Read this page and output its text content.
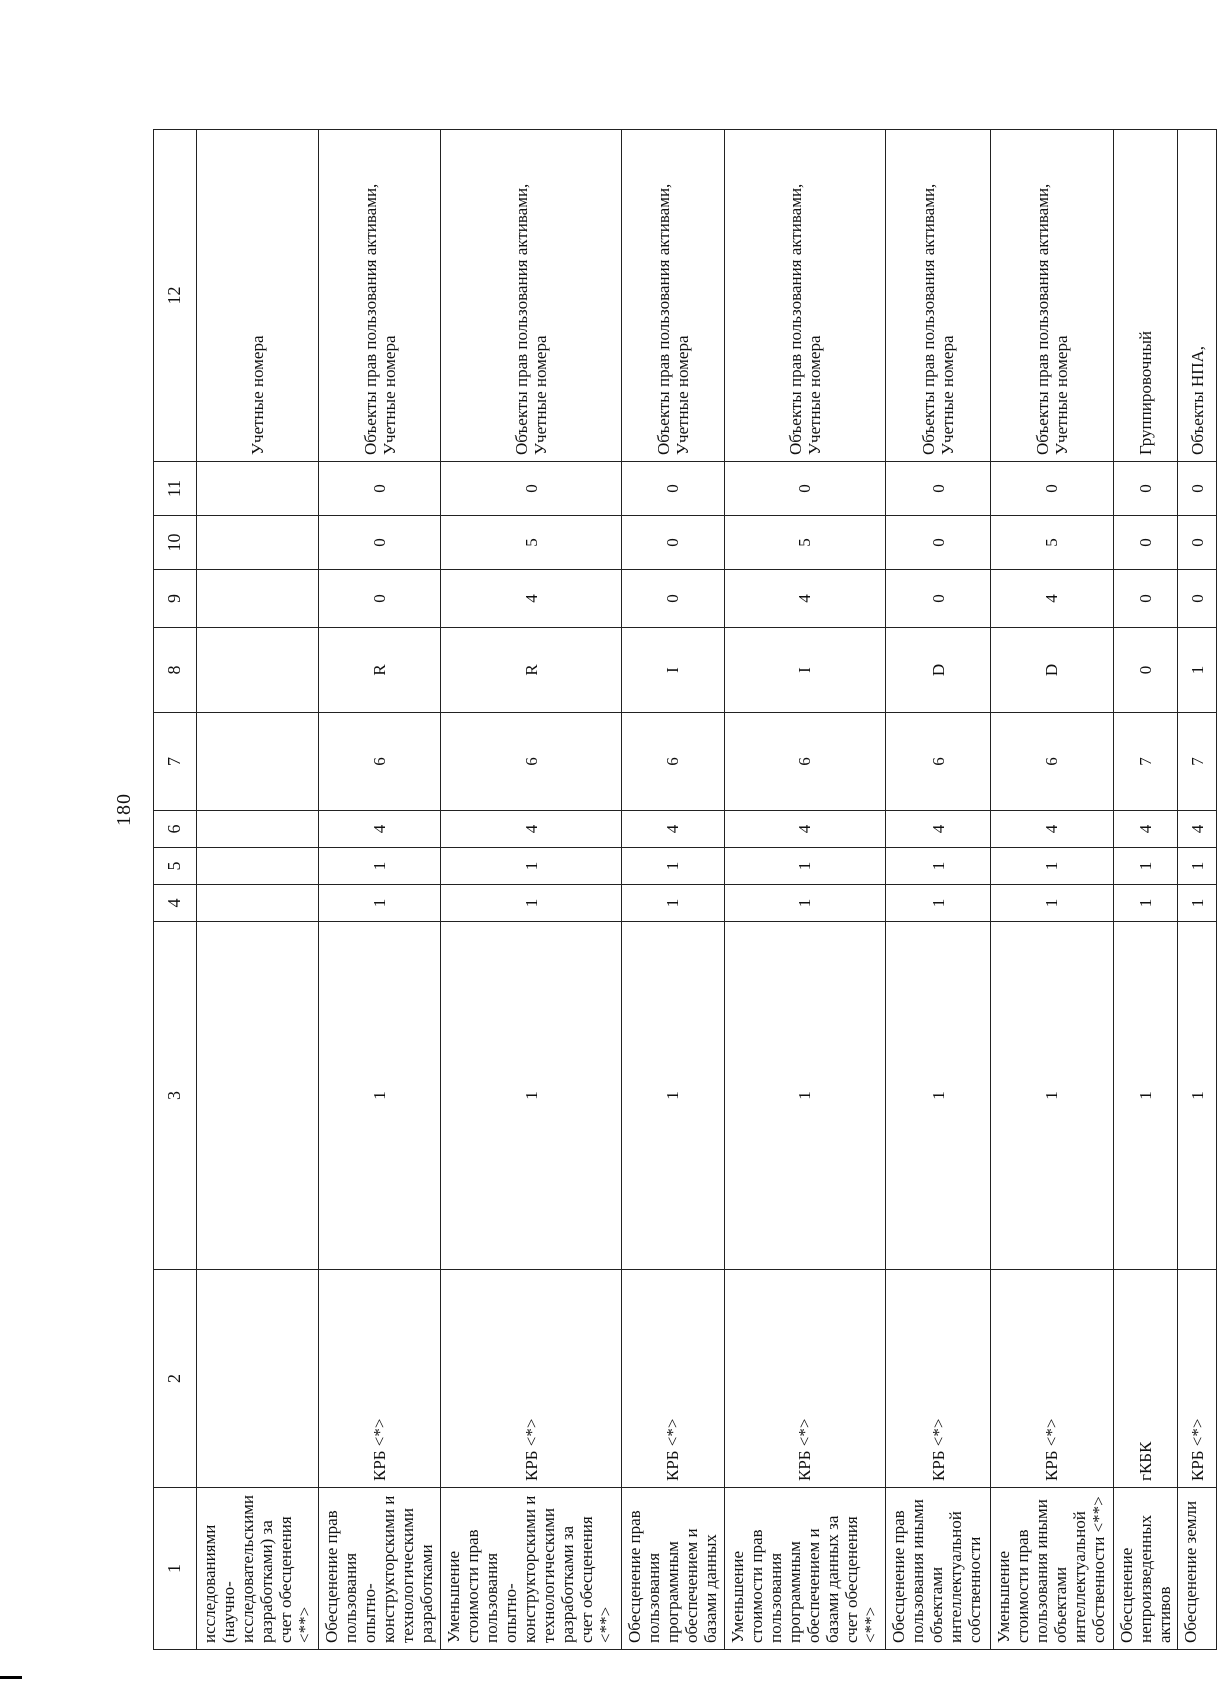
180
1	2	3	4	5	6	7	8	9	10	11	12
исследованиями (научно-исследовательскими разработками) за счет обесценения <**>											Учетные номера
Обесценение прав пользования опытно-конструкторскими и технологическими разработками	КРБ <*>	1	1	1	4	6	R	0	0	0	Объекты прав пользования активами, Учетные номера
Уменьшение стоимости прав пользования опытно-конструкторскими и технологическими разработками за счет обесценения <**>	КРБ <*>	1	1	1	4	6	R	4	5	0	Объекты прав пользования активами, Учетные номера
Обесценение прав пользования программным обеспечением и базами данных	КРБ <*>	1	1	1	4	6	I	0	0	0	Объекты прав пользования активами, Учетные номера
Уменьшение стоимости прав пользования программным обеспечением и базами данных за счет обесценения <**>	КРБ <*>	1	1	1	4	6	I	4	5	0	Объекты прав пользования активами, Учетные номера
Обесценение прав пользования иными объектами интеллектуальной собственности	КРБ <*>	1	1	1	4	6	D	0	0	0	Объекты прав пользования активами, Учетные номера
Уменьшение стоимости прав пользования иными объектами интеллектуальной собственности <**>	КРБ <*>	1	1	1	4	6	D	4	5	0	Объекты прав пользования активами, Учетные номера
Обесценение непроизведенных активов	гКБК	1	1	1	4	7	0	0	0	0	Группировочный
Обесценение земли	КРБ <*>	1	1	1	4	7	1	0	0	0	Объекты НПА,
